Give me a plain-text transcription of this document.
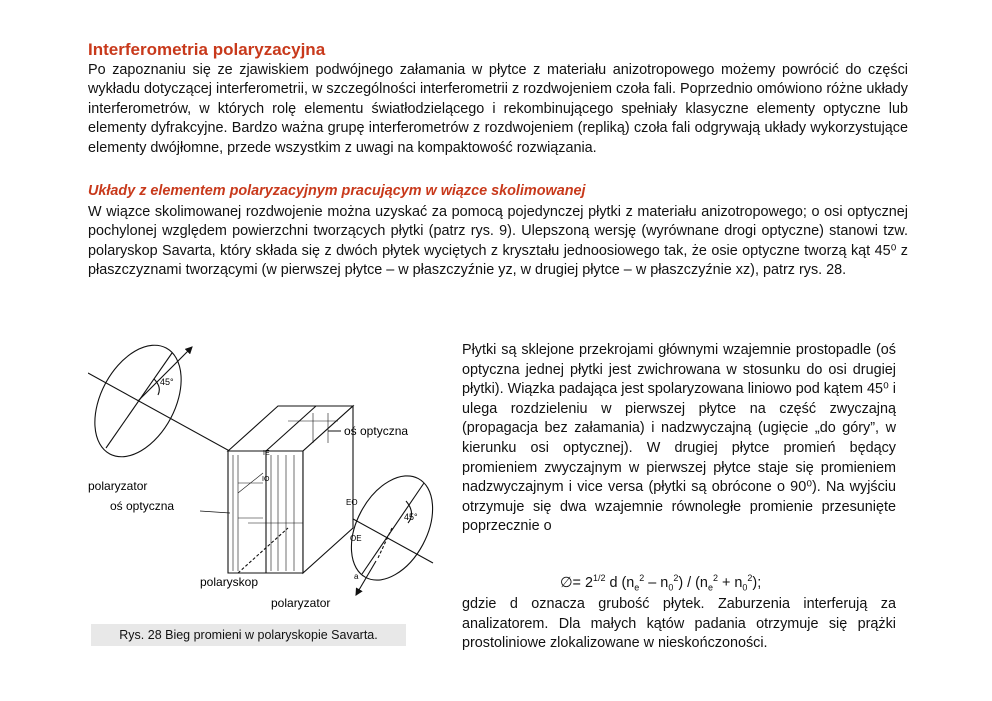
Interferometria polaryzacyjna
Po zapoznaniu się ze zjawiskiem podwójnego załamania w płytce z materiału anizotropowego możemy powrócić do części wykładu dotyczącej interferometrii, w szczególności interferometrii z rozdwojeniem czoła fali. Poprzednio omówiono różne układy interferometrów, w których rolę elementu światłodzielącego i rekombinującego spełniały klasyczne elementy optyczne lub elementy dyfrakcyjne. Bardzo ważna grupę interferometrów z rozdwojeniem (repliką) czoła fali odgrywają układy wykorzystujące elementy dwójłomne, przede wszystkim z uwagi na kompaktowość rozwiązania.
Układy z elementem polaryzacyjnym pracującym w wiązce skolimowanej
W wiązce skolimowanej rozdwojenie można uzyskać za pomocą pojedynczej płytki z materiału anizotropowego; o osi optycznej pochylonej względem powierzchni tworzących płytki (patrz rys. 9). Ulepszoną wersję (wyrównane drogi optyczne) stanowi tzw. polaryskop Savarta, który składa się z dwóch płytek wyciętych z kryształu jednoosiowego tak, że osie optyczne tworzą kąt 45⁰ z płaszczyznami tworzącymi (w pierwszej płytce – w płaszczyźnie yz, w drugiej płytce – w płaszczyźnie xz), patrz rys. 28.
45°
IE
IO
EO
OE
oś optyczna
45°
a
polaryzator
oś optyczna
polaryskop
polaryzator
Rys. 28 Bieg promieni w polaryskopie Savarta.
Płytki są sklejone przekrojami głównymi wzajemnie prostopadle (oś optyczna jednej płytki jest zwichrowana w stosunku do osi drugiej płytki). Wiązka padająca jest spolaryzowana liniowo pod kątem 45⁰ i ulega rozdzieleniu w pierwszej płytce na część zwyczajną (propagacja bez załamania) i nadzwyczajną (ugięcie „do góry”, w kierunku osi optycznej). W drugiej płytce promień będący promieniem zwyczajnym w pierwszej płytce staje się promieniem nadzwyczajnym i vice versa (płytki są obrócone o 90⁰). Na wyjściu otrzymuje się dwa wzajemnie równoległe promienie przesunięte poprzecznie o
∅= $2^{1/2}$ d $(n_e^2 - n_0^2) / (n_e^2 + n_0^2)$;
gdzie d oznacza grubość płytek. Zaburzenia interferują za analizatorem. Dla małych kątów padania otrzymuje się prążki prostoliniowe zlokalizowane w nieskończoności.
